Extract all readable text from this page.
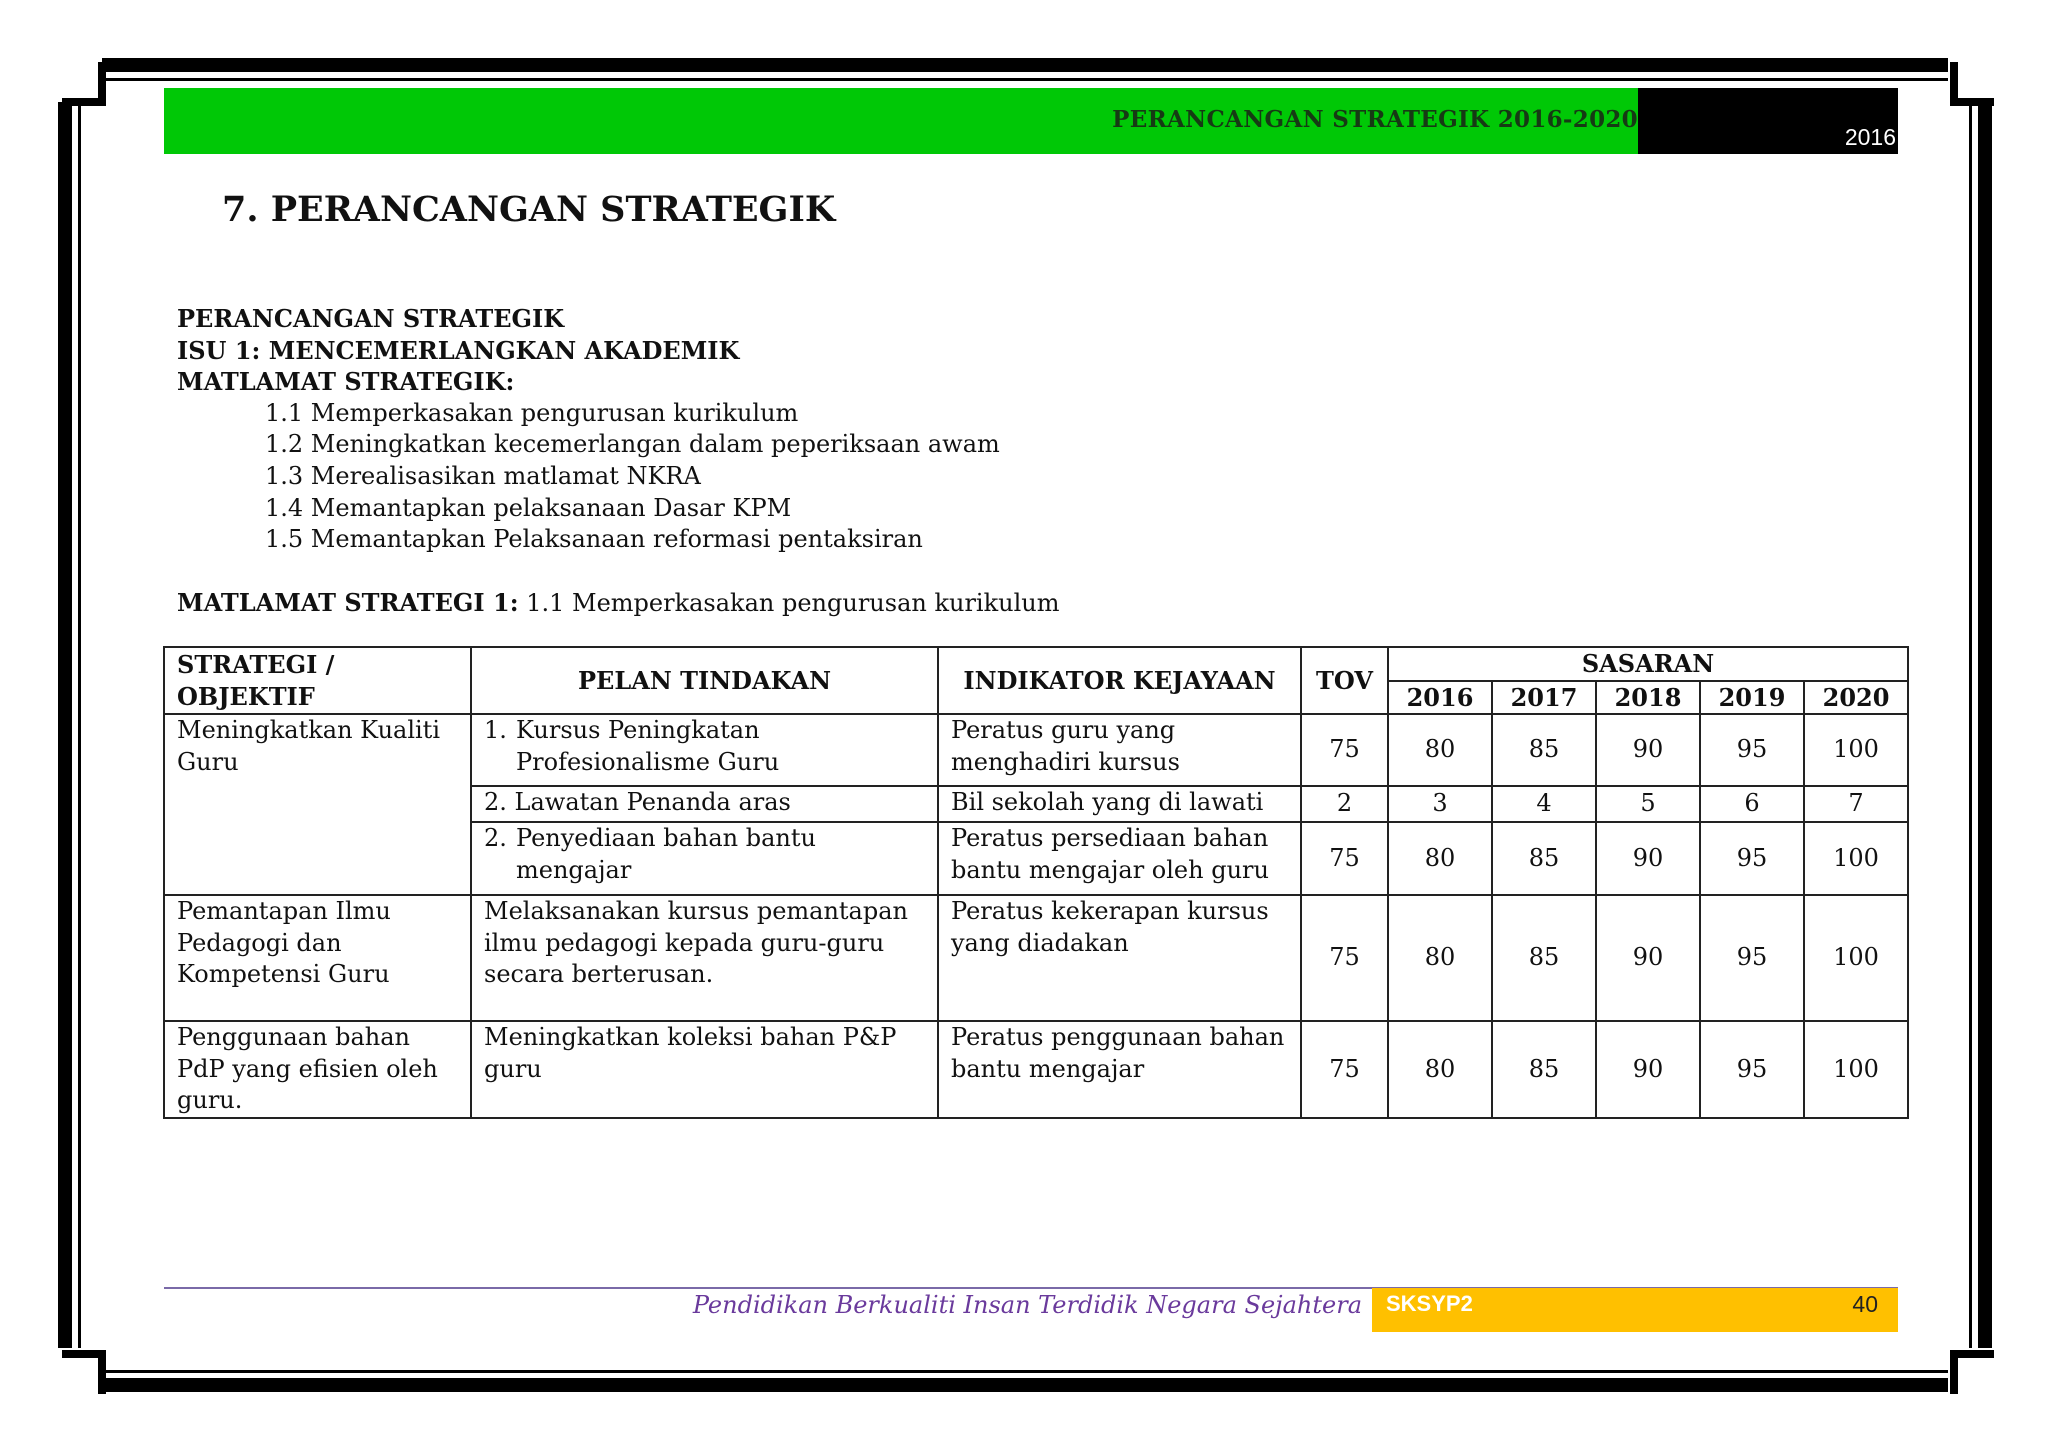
PERANCANGAN STRATEGIK 2016-2020
2016
7. PERANCANGAN STRATEGIK
PERANCANGAN STRATEGIK
ISU 1: MENCEMERLANGKAN AKADEMIK
MATLAMAT STRATEGIK:
1.1 Memperkasakan pengurusan kurikulum
1.2 Meningkatkan kecemerlangan dalam peperiksaan awam
1.3 Merealisasikan matlamat NKRA
1.4 Memantapkan pelaksanaan Dasar KPM
1.5 Memantapkan Pelaksanaan reformasi pentaksiran
MATLAMAT STRATEGI 1: 1.1 Memperkasakan pengurusan kurikulum
STRATEGI / OBJEKTIF	PELAN TINDAKAN	INDIKATOR KEJAYAAN	TOV	SASARAN				
				2016	2017	2018	2019	2020
Meningkatkan Kualiti Guru	1. Kursus Peningkatan Profesionalisme Guru	Peratus guru yang menghadiri kursus	75	80	85	90	95	100
	2. Lawatan Penanda aras	Bil sekolah yang di lawati	2	3	4	5	6	7

	2. Penyediaan bahan bantu mengajar	Peratus persediaan bahan bantu mengajar oleh guru	75	80	85	90	95	100
Pemantapan Ilmu Pedagogi dan Kompetensi Guru	Melaksanakan kursus pemantapan ilmu pedagogi kepada guru-guru secara berterusan.	Peratus kekerapan kursus yang diadakan	75	80	85	90	95	100
Penggunaan bahan PdP yang efisien oleh guru.	Meningkatkan koleksi bahan P&P guru	Peratus penggunaan bahan bantu mengajar	75	80	85	90	95	100
Pendidikan Berkualiti Insan Terdidik Negara Sejahtera SKSYP2	40
